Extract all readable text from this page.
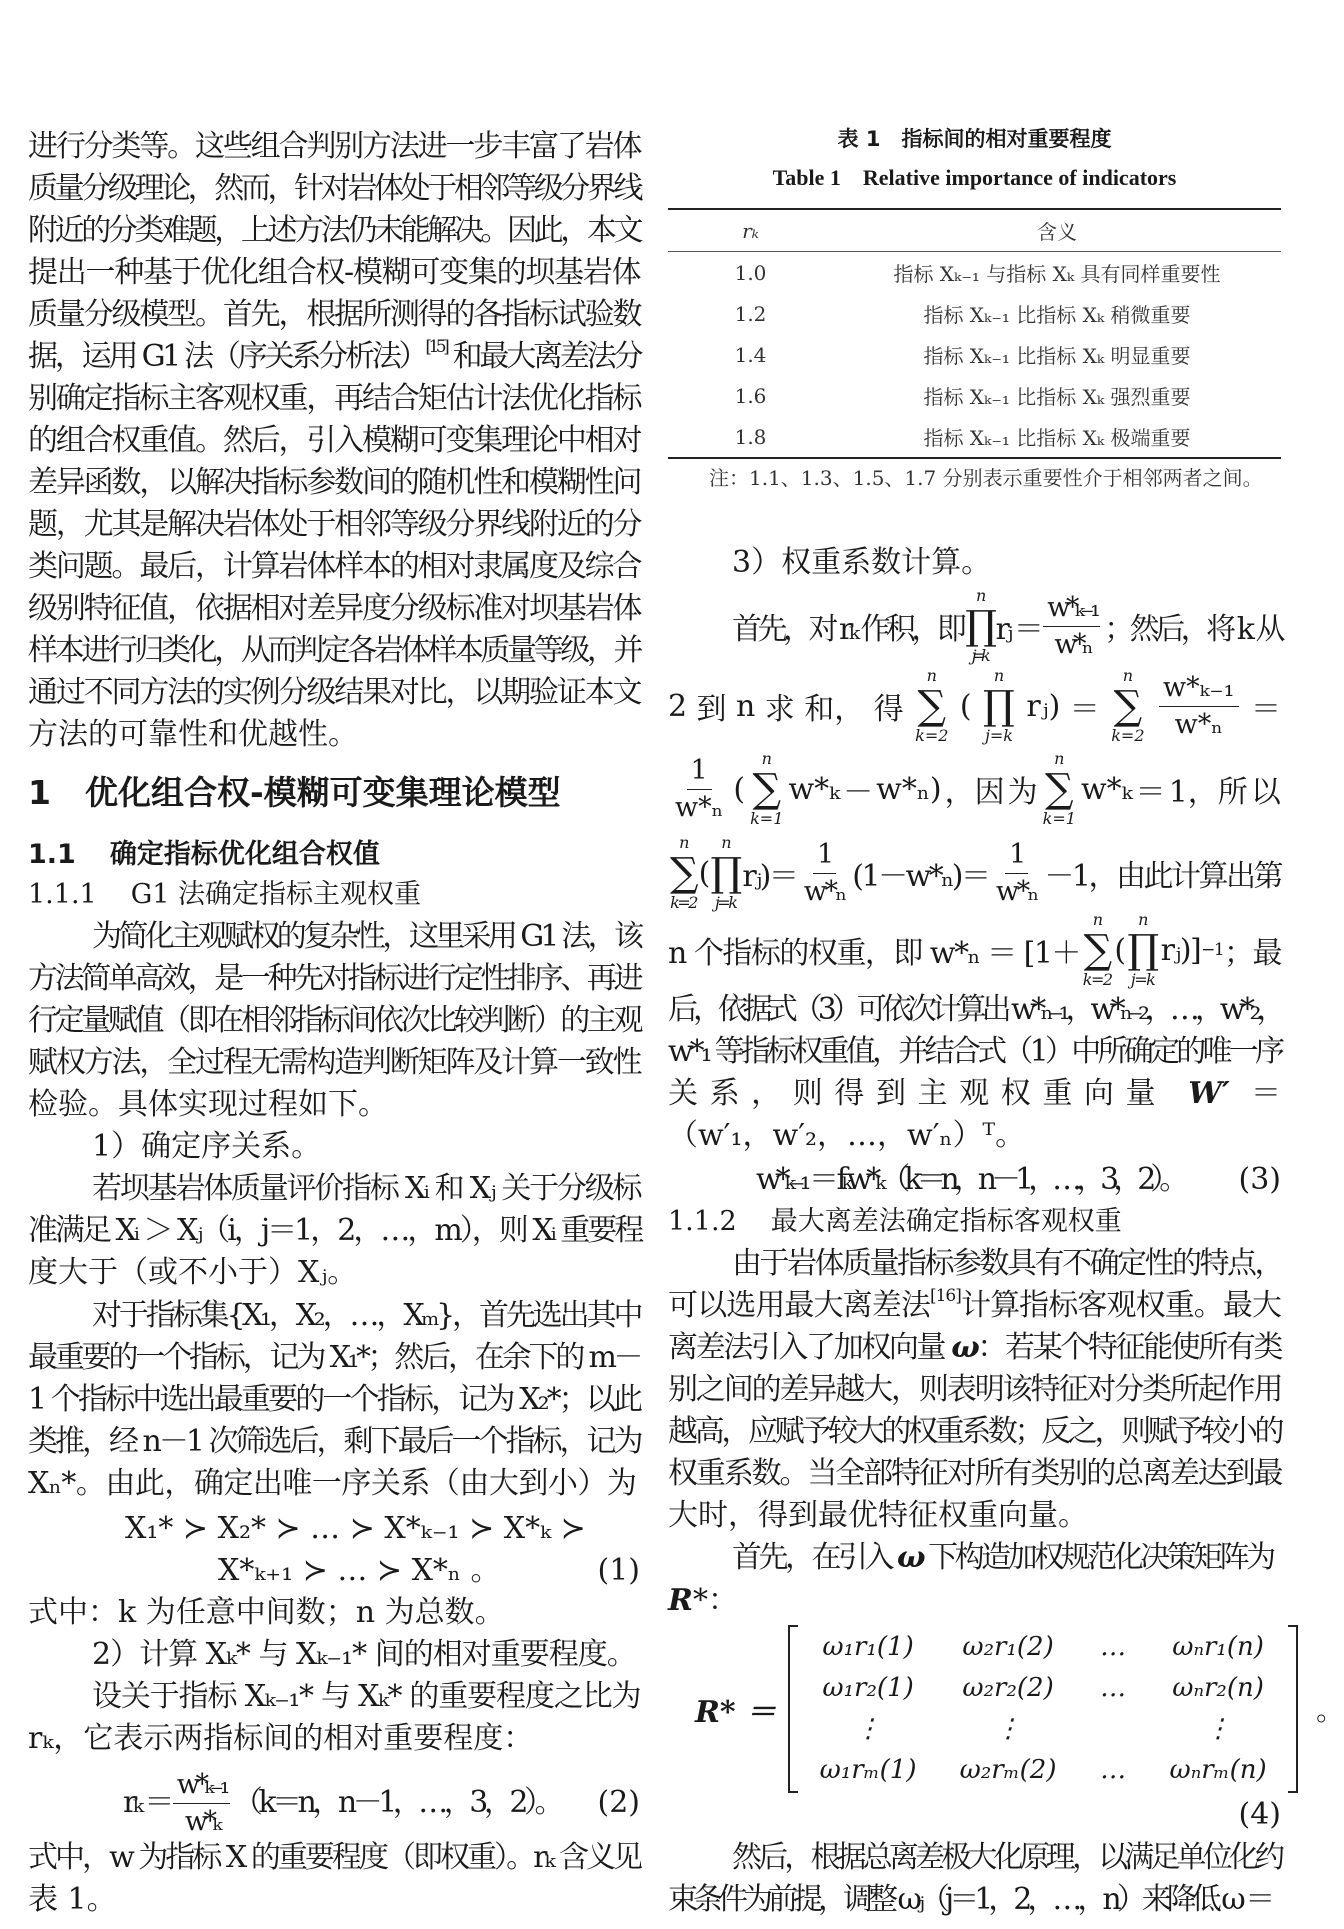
进行分类等。这些组合判别方法进一步丰富了岩体
质量分级理论，然而，针对岩体处于相邻等级分界线
附近的分类难题，上述方法仍未能解决。因此，本文
提出一种基于优化组合权-模糊可变集的坝基岩体
质量分级模型。首先，根据所测得的各指标试验数
据，运用 G1 法（序关系分析法）[15] 和最大离差法分
别确定指标主客观权重，再结合矩估计法优化指标
的组合权重值。然后，引入模糊可变集理论中相对
差异函数，以解决指标参数间的随机性和模糊性问
题，尤其是解决岩体处于相邻等级分界线附近的分
类问题。最后，计算岩体样本的相对隶属度及综合
级别特征值，依据相对差异度分级标准对坝基岩体
样本进行归类化，从而判定各岩体样本质量等级，并
通过不同方法的实例分级结果对比，以期验证本文
方法的可靠性和优越性。
1 优化组合权-模糊可变集理论模型
1.1 确定指标优化组合权值
1.1.1 G1 法确定指标主观权重
为简化主观赋权的复杂性，这里采用 G1 法，该
方法简单高效，是一种先对指标进行定性排序、再进
行定量赋值（即在相邻指标间依次比较判断）的主观
赋权方法，全过程无需构造判断矩阵及计算一致性
检验。具体实现过程如下。
1）确定序关系。
若坝基岩体质量评价指标 Xᵢ 和 Xⱼ 关于分级标
准满足 Xᵢ ＞ Xⱼ（i，j＝1，2，…，m），则 Xᵢ 重要程
度大于（或不小于）Xⱼ。
对于指标集{X₁，X₂，…，Xₘ}，首先选出其中
最重要的一个指标，记为 X₁*；然后，在余下的 m－
1 个指标中选出最重要的一个指标，记为 X₂*；以此
类推，经 n－1 次筛选后，剩下最后一个指标，记为
Xₙ*。由此，确定出唯一序关系（由大到小）为
X₁* ≻ X₂* ≻ … ≻ X*ₖ₋₁ ≻ X*ₖ ≻
X*ₖ₊₁ ≻ … ≻ X*ₙ 。	(1)
式中：k 为任意中间数；n 为总数。
2）计算 Xₖ* 与 Xₖ₋₁* 间的相对重要程度。
设关于指标 Xₖ₋₁* 与 Xₖ* 的重要程度之比为
rₖ，它表示两指标间的相对重要程度：
$r_k = \frac{\text{w*ₖ₋₁}}{\text{w*ₖ}} (k=n$，n－1，…，3，2）。 (2)
式中，w 为指标 X 的重要程度（即权重）。rₖ 含义见
表 1。
表 1　指标间的相对重要程度
Table 1　Relative importance of indicators
rₖ	含义
1.0	指标 Xₖ₋₁ 与指标 Xₖ 具有同样重要性
1.2	指标 Xₖ₋₁ 比指标 Xₖ 稍微重要
1.4	指标 Xₖ₋₁ 比指标 Xₖ 明显重要
1.6	指标 Xₖ₋₁ 比指标 Xₖ 强烈重要
1.8	指标 Xₖ₋₁ 比指标 Xₖ 极端重要
注：1.1、1.3、1.5、1.7 分别表示重要性介于相邻两者之间。
3）权重系数计算。
首先，对 rₖ 作积，即
n
∏
j=k
rⱼ ＝ $\frac{\text{w*ₖ₋₁}}{\text{w*ₙ}}$ ；然后，将 k 从
2 到 n 求 和， 得
n
∑
k=2
(
n
∏
j=k
rⱼ) ＝
n
∑
$k=2 \frac{\text{w*ₖ₋₁}}{\text{w*ₙ}}$ ＝
$\frac{1}{\text{w*ₙ}}$ (
n
∑
k=1
w*ₖ － w*ₙ) ，因 为
n
∑
k=1
w*ₖ ＝ 1，所 以
n
∑
k=2
(
n
∏
j=k
rⱼ)＝ $\frac{1}{\text{w*ₙ}} (1-w*_n)= \frac{1}{\text{w*ₙ}} -1$，由此计算出第
n 个指标的权重，即 w*ₙ ＝ [1＋
n
∑
k=2
(
n
∏
j=k
rⱼ)] −1 ；最
后，依据式（3）可依次计算出 w*ₙ₋₁，w*ₙ₋₂，…，w*₂，
w*₁ 等指标权重值，并结合式（1）中所确定的唯一序
关系，则得到主观权重向量 W′ ＝
（w′₁，w′₂，…，w′ₙ）ᵀ。
w*ₖ₋₁ ＝ fₖw*ₖ（k＝n，n－1，…，3，2）。	(3)
1.1.2 最大离差法确定指标客观权重
由于岩体质量指标参数具有不确定性的特点，
可以选用最大离差法[16]计算指标客观权重。最大
离差法引入了加权向量 ω：若某个特征能使所有类
别之间的差异越大，则表明该特征对分类所起作用
越高，应赋予较大的权重系数；反之，则赋予较小的
权重系数。当全部特征对所有类别的总离差达到最
大时，得到最优特征权重向量。
首先，在引入 ω 下构造加权规范化决策矩阵为
R*：
R* ＝
ω₁r₁(1)	ω₂r₁(2)	…	ωₙr₁(n)
ω₁r₂(1)	ω₂r₂(2)	…	ωₙr₂(n)
⋮	⋮	⋮
ω₁rₘ(1)	ω₂rₘ(2)	…	ωₙrₘ(n)
。
(4)
然后，根据总离差极大化原理，以满足单位化约
束条件为前提，调整 ωⱼ（j＝1，2，…，n）来降低 ω ＝
